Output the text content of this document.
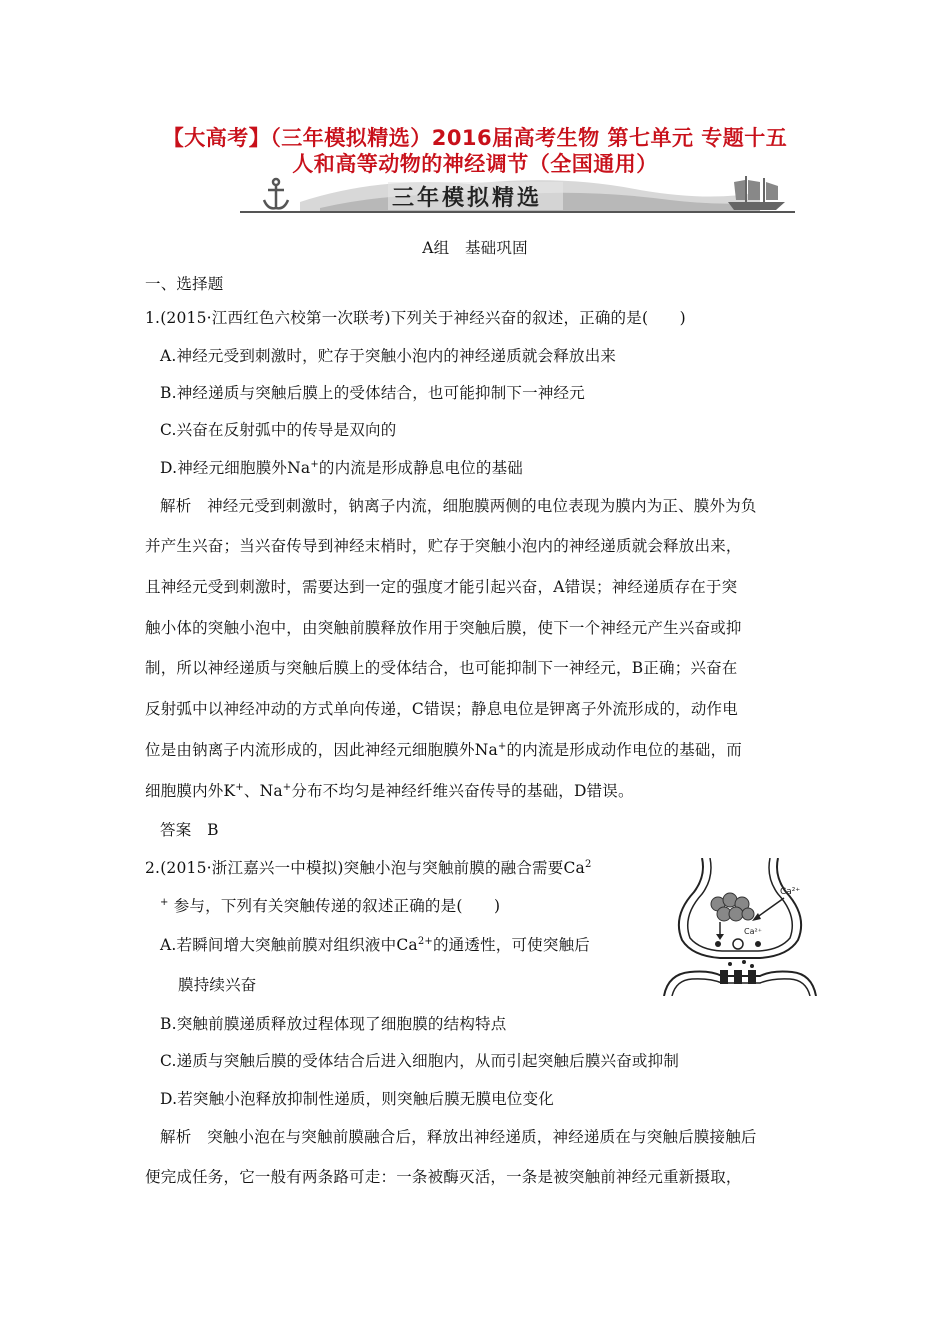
【大高考】（三年模拟精选）2016届高考生物 第七单元 专题十五
人和高等动物的神经调节（全国通用）
三年模拟精选
A组　基础巩固
一、选择题
1.(2015·江西红色六校第一次联考)下列关于神经兴奋的叙述，正确的是(　　)
A.神经元受到刺激时，贮存于突触小泡内的神经递质就会释放出来
B.神经递质与突触后膜上的受体结合，也可能抑制下一神经元
C.兴奋在反射弧中的传导是双向的
D.神经元细胞膜外Na+的内流是形成静息电位的基础
解析　神经元受到刺激时，钠离子内流，细胞膜两侧的电位表现为膜内为正、膜外为负
并产生兴奋；当兴奋传导到神经末梢时，贮存于突触小泡内的神经递质就会释放出来，
且神经元受到刺激时，需要达到一定的强度才能引起兴奋，A错误；神经递质存在于突
触小体的突触小泡中，由突触前膜释放作用于突触后膜，使下一个神经元产生兴奋或抑
制，所以神经递质与突触后膜上的受体结合，也可能抑制下一神经元，B正确；兴奋在
反射弧中以神经冲动的方式单向传递，C错误；静息电位是钾离子外流形成的，动作电
位是由钠离子内流形成的，因此神经元细胞膜外Na+的内流是形成动作电位的基础，而
细胞膜内外K+、Na+分布不均匀是神经纤维兴奋传导的基础，D错误。
答案　B
2.(2015·浙江嘉兴一中模拟)突触小泡与突触前膜的融合需要Ca$^2$
+ 参与，下列有关突触传递的叙述正确的是(　　)
A.若瞬间增大突触前膜对组织液中$Ca^{2+}$的通透性，可使突触后
膜持续兴奋
B.突触前膜递质释放过程体现了细胞膜的结构特点
C.递质与突触后膜的受体结合后进入细胞内，从而引起突触后膜兴奋或抑制
D.若突触小泡释放抑制性递质，则突触后膜无膜电位变化
解析　突触小泡在与突触前膜融合后，释放出神经递质，神经递质在与突触后膜接触后
便完成任务，它一般有两条路可走：一条被酶灭活，一条是被突触前神经元重新摄取，
Ca²⁺
Ca²⁺
